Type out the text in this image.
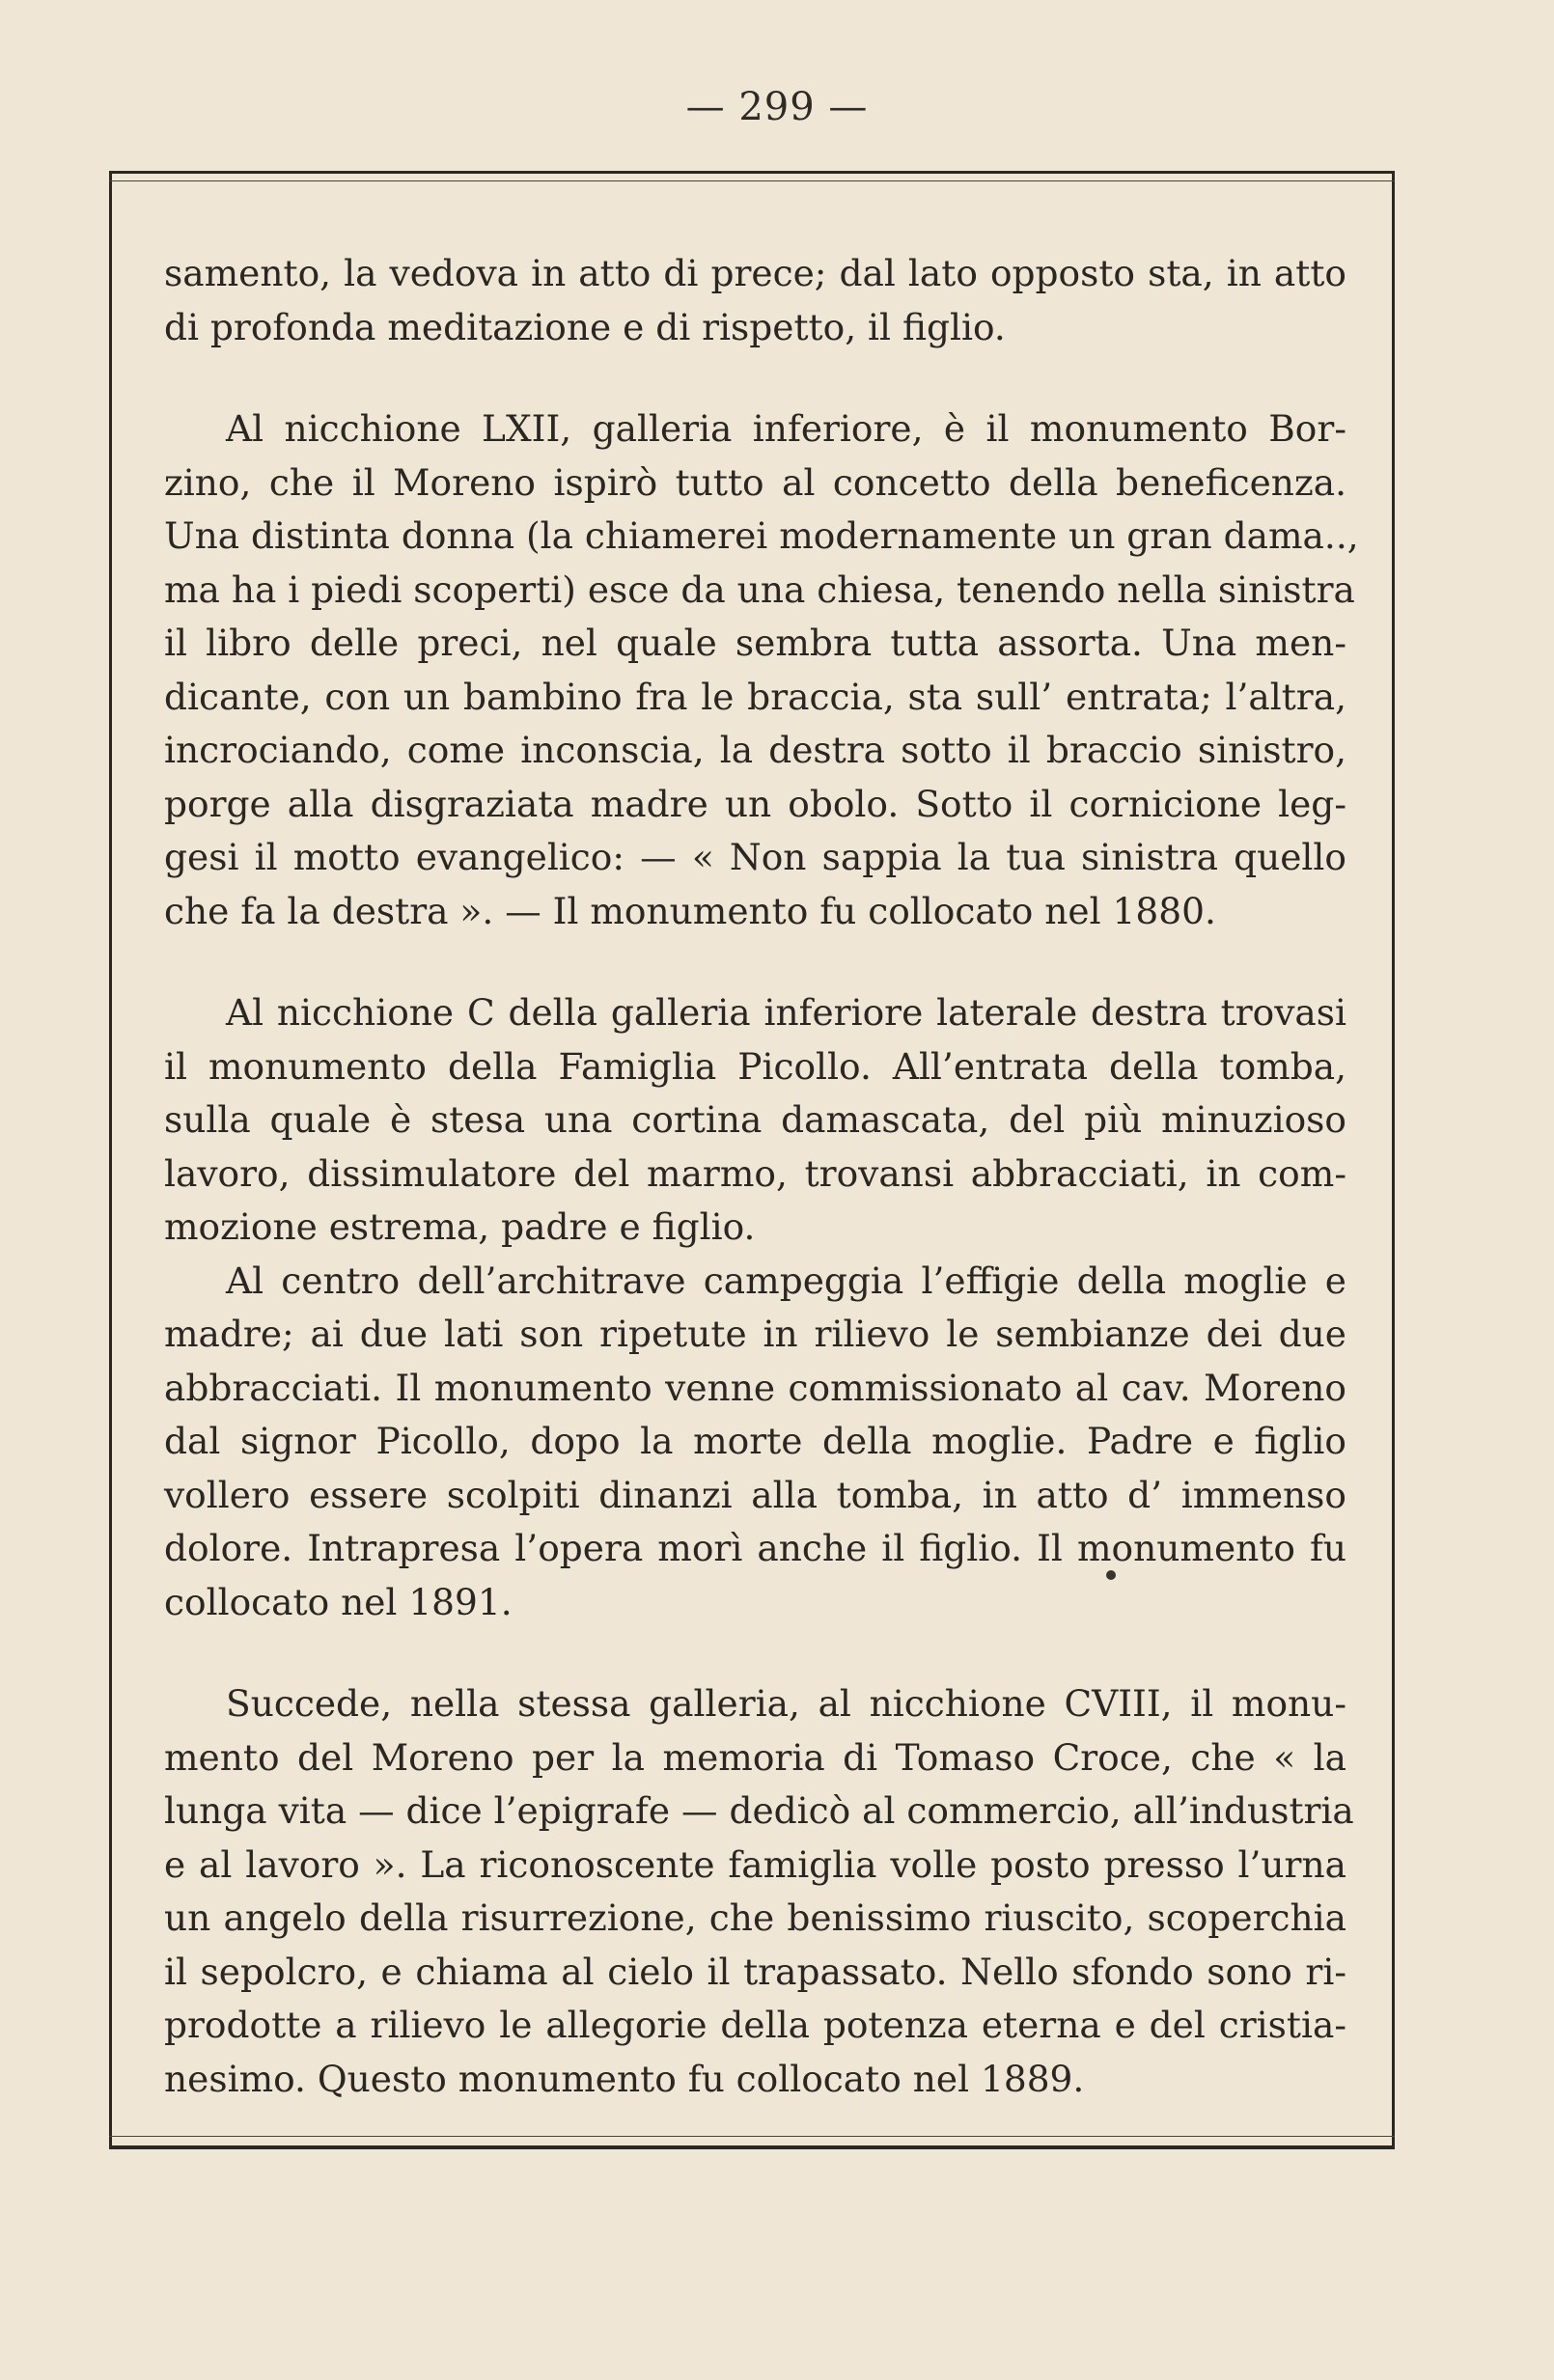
— 299 —
samento, la vedova in atto di prece; dal lato opposto sta, in atto
di profonda meditazione e di rispetto, il figlio.
Al nicchione LXII, galleria inferiore, è il monumento Bor-
zino, che il Moreno ispirò tutto al concetto della beneficenza.
Una distinta donna (la chiamerei modernamente un gran dama..,
ma ha i piedi scoperti) esce da una chiesa, tenendo nella sinistra
il libro delle preci, nel quale sembra tutta assorta. Una men-
dicante, con un bambino fra le braccia, sta sull’ entrata; l’altra,
incrociando, come inconscia, la destra sotto il braccio sinistro,
porge alla disgraziata madre un obolo. Sotto il cornicione leg-
gesi il motto evangelico: — « Non sappia la tua sinistra quello
che fa la destra ». — Il monumento fu collocato nel 1880.
Al nicchione C della galleria inferiore laterale destra trovasi
il monumento della Famiglia Picollo. All’entrata della tomba,
sulla quale è stesa una cortina damascata, del più minuzioso
lavoro, dissimulatore del marmo, trovansi abbracciati, in com-
mozione estrema, padre e figlio.
Al centro dell’architrave campeggia l’effigie della moglie e
madre; ai due lati son ripetute in rilievo le sembianze dei due
abbracciati. Il monumento venne commissionato al cav. Moreno
dal signor Picollo, dopo la morte della moglie. Padre e figlio
vollero essere scolpiti dinanzi alla tomba, in atto d’ immenso
dolore. Intrapresa l’opera morì anche il figlio. Il monumento fu
collocato nel 1891.
Succede, nella stessa galleria, al nicchione CVIII, il monu-
mento del Moreno per la memoria di Tomaso Croce, che « la
lunga vita — dice l’epigrafe — dedicò al commercio, all’industria
e al lavoro ». La riconoscente famiglia volle posto presso l’urna
un angelo della risurrezione, che benissimo riuscito, scoperchia
il sepolcro, e chiama al cielo il trapassato. Nello sfondo sono ri-
prodotte a rilievo le allegorie della potenza eterna e del cristia-
nesimo. Questo monumento fu collocato nel 1889.
